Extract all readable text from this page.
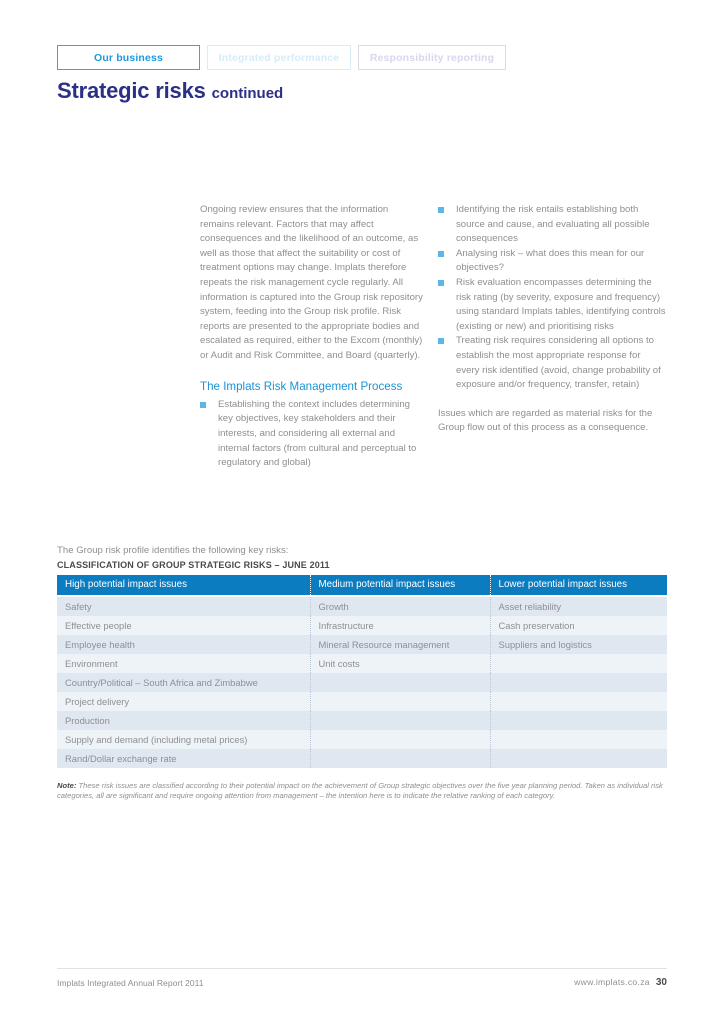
Our business	Integrated performance	Responsibility reporting
Strategic risks continued
Ongoing review ensures that the information remains relevant. Factors that may affect consequences and the likelihood of an outcome, as well as those that affect the suitability or cost of treatment options may change. Implats therefore repeats the risk management cycle regularly. All information is captured into the Group risk repository system, feeding into the Group risk profile. Risk reports are presented to the appropriate bodies and escalated as required, either to the Excom (monthly) or Audit and Risk Committee, and Board (quarterly).
The Implats Risk Management Process
Establishing the context includes determining key objectives, key stakeholders and their interests, and considering all external and internal factors (from cultural and perceptual to regulatory and global)
Identifying the risk entails establishing both source and cause, and evaluating all possible consequences
Analysing risk – what does this mean for our objectives?
Risk evaluation encompasses determining the risk rating (by severity, exposure and frequency) using standard Implats tables, identifying controls (existing or new) and prioritising risks
Treating risk requires considering all options to establish the most appropriate response for every risk identified (avoid, change probability of exposure and/or frequency, transfer, retain)
Issues which are regarded as material risks for the Group flow out of this process as a consequence.
The Group risk profile identifies the following key risks:
CLASSIFICATION OF GROUP STRATEGIC RISKS – JUNE 2011
High potential impact issues	Medium potential impact issues	Lower potential impact issues
Safety	Growth	Asset reliability
Effective people	Infrastructure	Cash preservation
Employee health	Mineral Resource management	Suppliers and logistics
Environment	Unit costs	
Country/Political – South Africa and Zimbabwe		
Project delivery		
Production		
Supply and demand (including metal prices)		
Rand/Dollar exchange rate		
Note: These risk issues are classified according to their potential impact on the achievement of Group strategic objectives over the five year planning period. Taken as individual risk categories, all are significant and require ongoing attention from management – the intention here is to indicate the relative ranking of each category.
Implats Integrated Annual Report 2011	www.implats.co.za 30
